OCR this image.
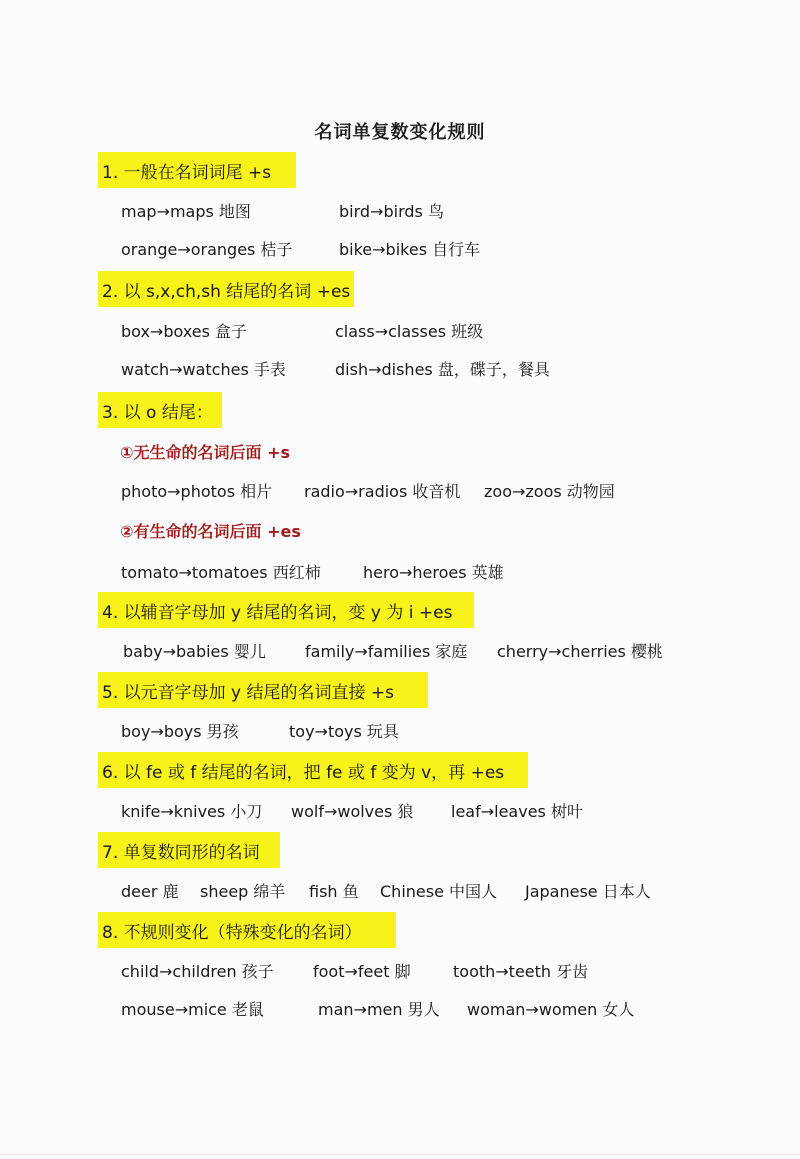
名词单复数变化规则
1. 一般在名词词尾 +s
map→maps 地图	bird→birds 鸟
orange→oranges 桔子	bike→bikes 自行车
2. 以 s,x,ch,sh 结尾的名词 +es
box→boxes 盒子	class→classes 班级
watch→watches 手表	dish→dishes 盘，碟子，餐具
3. 以 o 结尾：
①无生命的名词后面 +s
photo→photos 相片 radio→radios 收音机 zoo→zoos 动物园
②有生命的名词后面 +es
tomato→tomatoes 西红柿	hero→heroes 英雄
4. 以辅音字母加 y 结尾的名词，变 y 为 i +es
baby→babies 婴儿 family→families 家庭 cherry→cherries 樱桃
5. 以元音字母加 y 结尾的名词直接 +s
boy→boys 男孩	toy→toys 玩具
6. 以 fe 或 f 结尾的名词，把 fe 或 f 变为 v，再 +es
knife→knives 小刀 wolf→wolves 狼 leaf→leaves 树叶
7. 单复数同形的名词
deer 鹿 sheep 绵羊 fish 鱼 Chinese 中国人 Japanese 日本人
8. 不规则变化（特殊变化的名词）
child→children 孩子 foot→feet 脚	tooth→teeth 牙齿
mouse→mice 老鼠	man→men 男人 woman→women 女人
